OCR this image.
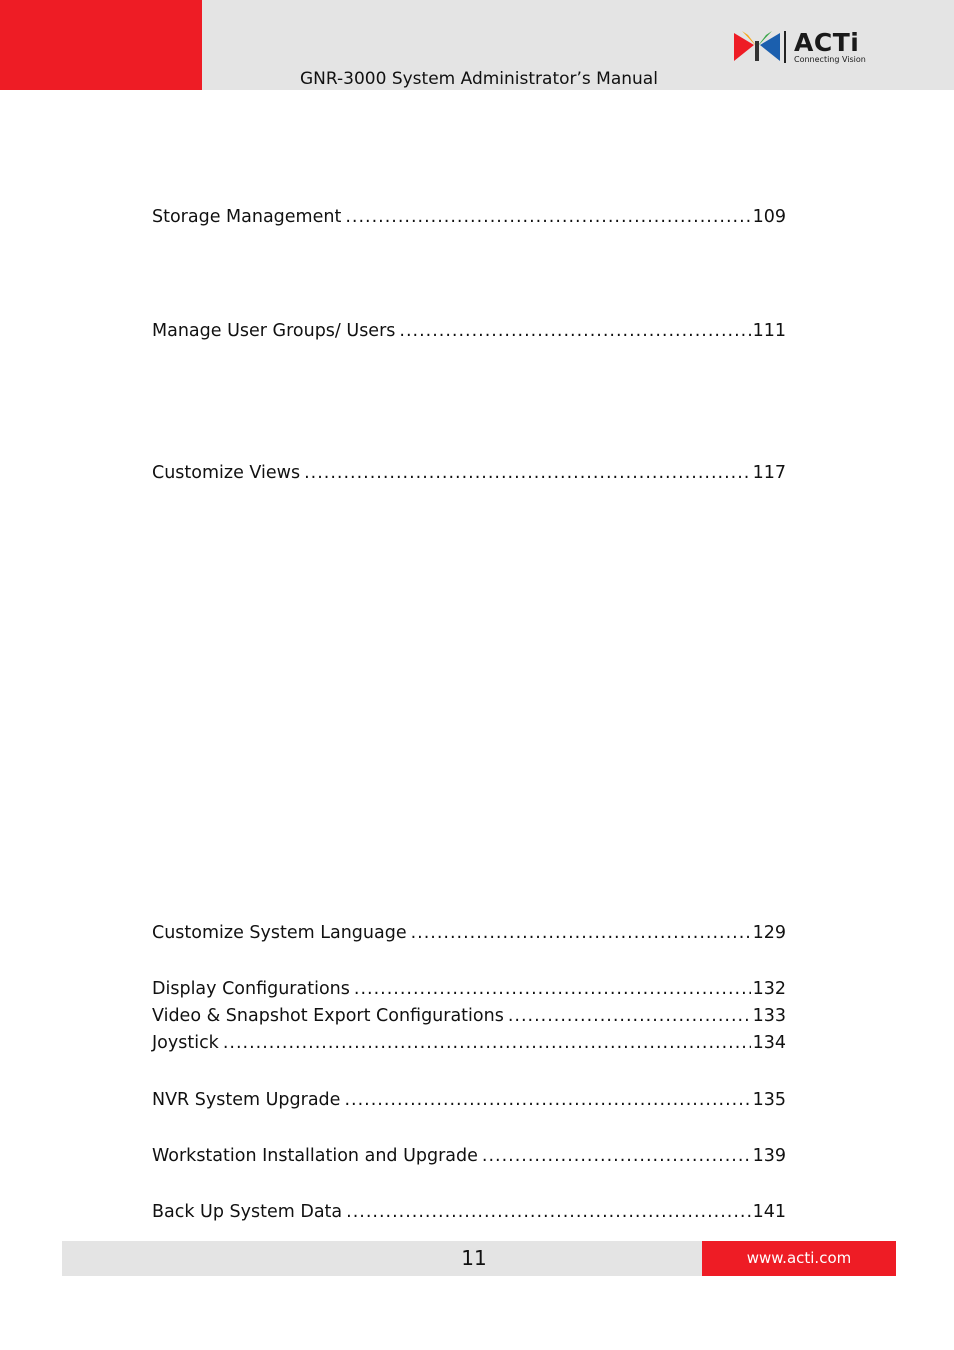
GNR-3000 System Administrator’s Manual
ACTi
Connecting Vision
Storage Management .....	109
Manage User Groups/ Users .....	111
Customize Views .....	117
Customize System Language .....	129
Display Configurations .....	132
Video & Snapshot Export Configurations .....	133
Joystick .....	134
NVR System Upgrade .....	135
Workstation Installation and Upgrade .....	139
Back Up System Data .....	141
11	www.acti.com
